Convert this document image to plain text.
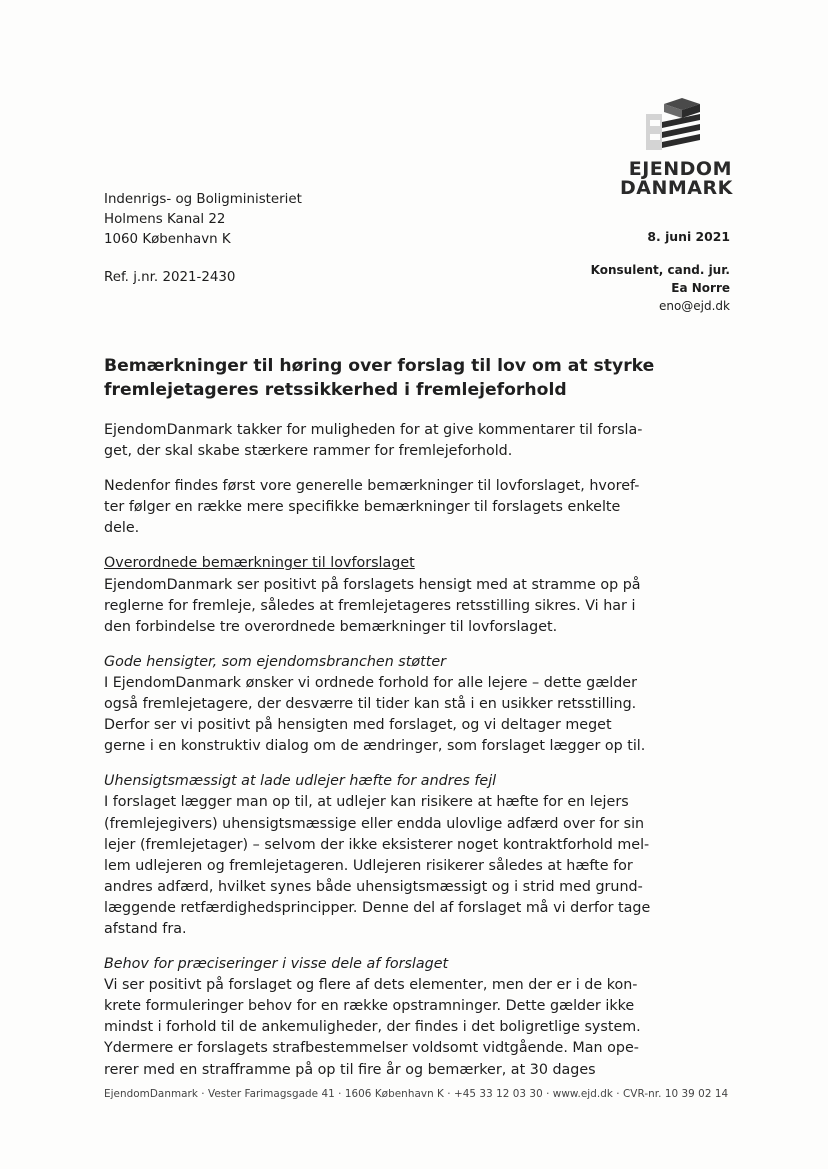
EJENDOM
DANMARK
Indenrigs- og Boligministeriet
Holmens Kanal 22
1060 København K
Ref. j.nr. 2021-2430
8. juni 2021
Konsulent, cand. jur.
Ea Norre
eno@ejd.dk
Bemærkninger til høring over forslag til lov om at styrke
fremlejetageres retssikkerhed i fremlejeforhold

EjendomDanmark takker for muligheden for at give kommentarer til forsla-
get, der skal skabe stærkere rammer for fremlejeforhold.

Nedenfor findes først vore generelle bemærkninger til lovforslaget, hvoref-
ter følger en række mere specifikke bemærkninger til forslagets enkelte
dele.

Overordnede bemærkninger til lovforslaget
EjendomDanmark ser positivt på forslagets hensigt med at stramme op på
reglerne for fremleje, således at fremlejetageres retsstilling sikres. Vi har i
den forbindelse tre overordnede bemærkninger til lovforslaget.

Gode hensigter, som ejendomsbranchen støtter
I EjendomDanmark ønsker vi ordnede forhold for alle lejere – dette gælder
også fremlejetagere, der desværre til tider kan stå i en usikker retsstilling.
Derfor ser vi positivt på hensigten med forslaget, og vi deltager meget
gerne i en konstruktiv dialog om de ændringer, som forslaget lægger op til.

Uhensigtsmæssigt at lade udlejer hæfte for andres fejl
I forslaget lægger man op til, at udlejer kan risikere at hæfte for en lejers
(fremlejegivers) uhensigtsmæssige eller endda ulovlige adfærd over for sin
lejer (fremlejetager) – selvom der ikke eksisterer noget kontraktforhold mel-
lem udlejeren og fremlejetageren. Udlejeren risikerer således at hæfte for
andres adfærd, hvilket synes både uhensigtsmæssigt og i strid med grund-
læggende retfærdighedsprincipper. Denne del af forslaget må vi derfor tage
afstand fra.

Behov for præciseringer i visse dele af forslaget
Vi ser positivt på forslaget og flere af dets elementer, men der er i de kon-
krete formuleringer behov for en række opstramninger. Dette gælder ikke
mindst i forhold til de ankemuligheder, der findes i det boligretlige system.
Ydermere er forslagets strafbestemmelser voldsomt vidtgående. Man ope-
rerer med en strafframme på op til fire år og bemærker, at 30 dages

EjendomDanmark · Vester Farimagsgade 41 · 1606 København K · +45 33 12 03 30 · www.ejd.dk · CVR-nr. 10 39 02 14
